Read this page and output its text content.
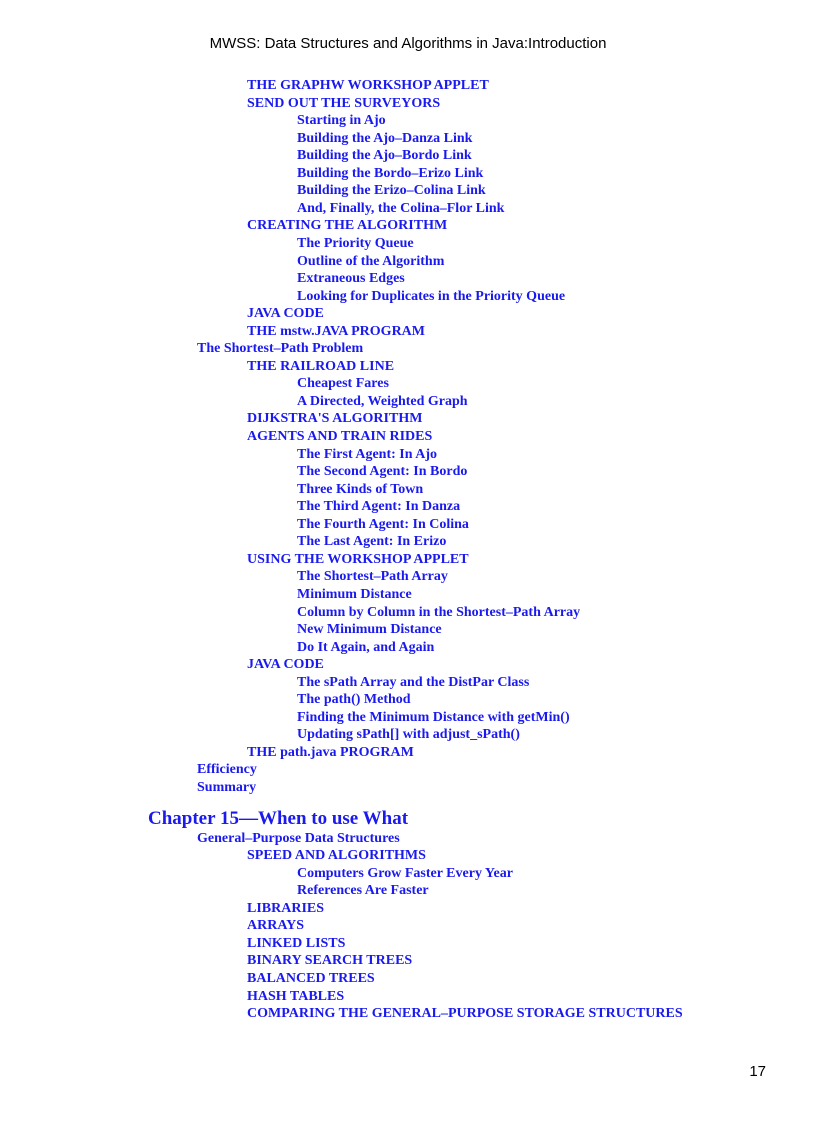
MWSS: Data Structures and Algorithms in Java:Introduction
THE GRAPHW WORKSHOP APPLET
SEND OUT THE SURVEYORS
Starting in Ajo
Building the Ajo–Danza Link
Building the Ajo–Bordo Link
Building the Bordo–Erizo Link
Building the Erizo–Colina Link
And, Finally, the Colina–Flor Link
CREATING THE ALGORITHM
The Priority Queue
Outline of the Algorithm
Extraneous Edges
Looking for Duplicates in the Priority Queue
JAVA CODE
THE mstw.JAVA PROGRAM
The Shortest–Path Problem
THE RAILROAD LINE
Cheapest Fares
A Directed, Weighted Graph
DIJKSTRA'S ALGORITHM
AGENTS AND TRAIN RIDES
The First Agent: In Ajo
The Second Agent: In Bordo
Three Kinds of Town
The Third Agent: In Danza
The Fourth Agent: In Colina
The Last Agent: In Erizo
USING THE WORKSHOP APPLET
The Shortest–Path Array
Minimum Distance
Column by Column in the Shortest–Path Array
New Minimum Distance
Do It Again, and Again
JAVA CODE
The sPath Array and the DistPar Class
The path() Method
Finding the Minimum Distance with getMin()
Updating sPath[] with adjust_sPath()
THE path.java PROGRAM
Efficiency
Summary
Chapter 15—When to use What
General–Purpose Data Structures
SPEED AND ALGORITHMS
Computers Grow Faster Every Year
References Are Faster
LIBRARIES
ARRAYS
LINKED LISTS
BINARY SEARCH TREES
BALANCED TREES
HASH TABLES
COMPARING THE GENERAL–PURPOSE STORAGE STRUCTURES
17
